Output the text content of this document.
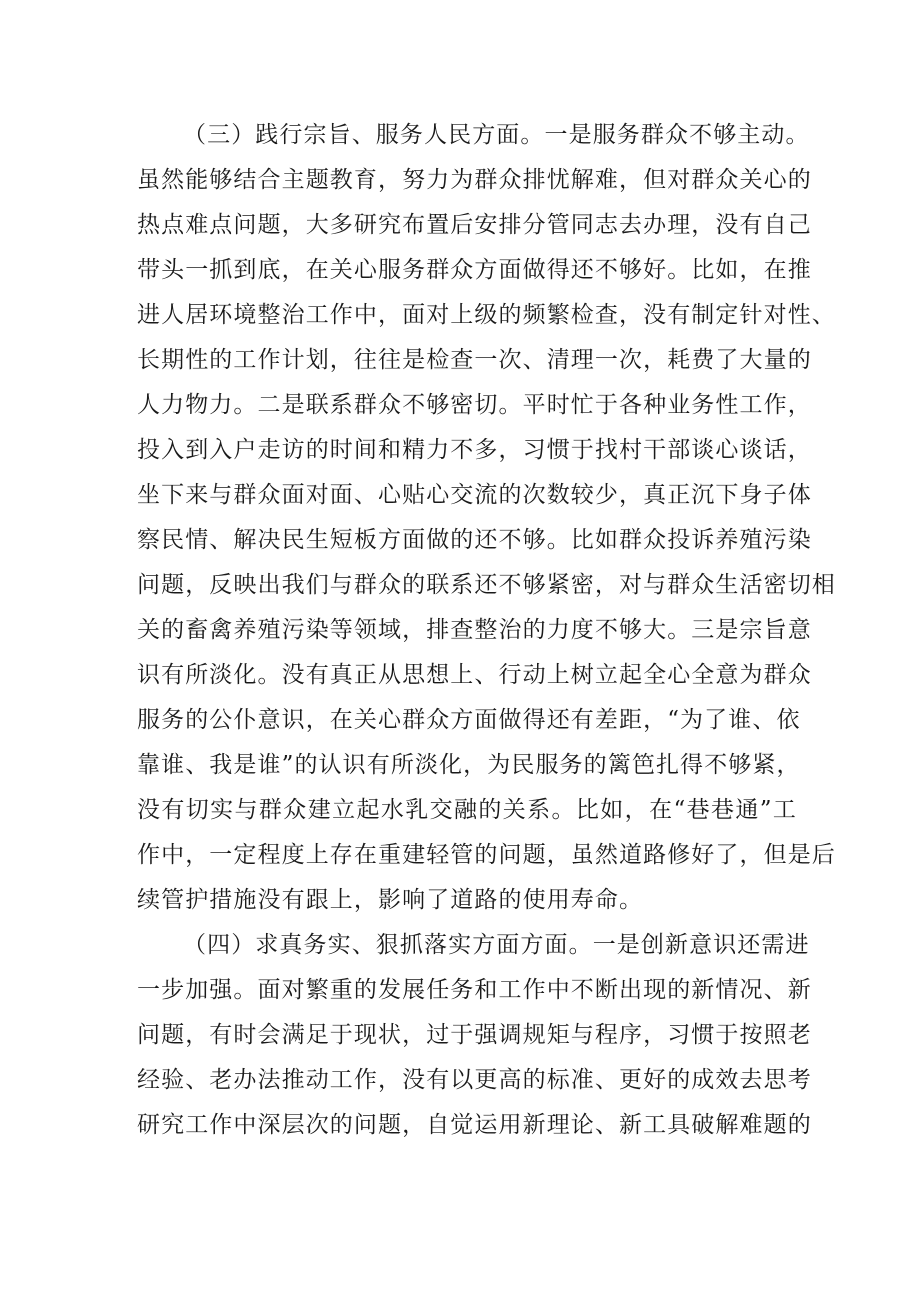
（三）践行宗旨、服务人民方面。一是服务群众不够主动。
虽然能够结合主题教育，努力为群众排忧解难，但对群众关心的
热点难点问题，大多研究布置后安排分管同志去办理，没有自己
带头一抓到底，在关心服务群众方面做得还不够好。比如，在推
进人居环境整治工作中，面对上级的频繁检查，没有制定针对性、
长期性的工作计划，往往是检查一次、清理一次，耗费了大量的
人力物力。二是联系群众不够密切。平时忙于各种业务性工作，
投入到入户走访的时间和精力不多，习惯于找村干部谈心谈话，
坐下来与群众面对面、心贴心交流的次数较少，真正沉下身子体
察民情、解决民生短板方面做的还不够。比如群众投诉养殖污染
问题，反映出我们与群众的联系还不够紧密，对与群众生活密切相
关的畜禽养殖污染等领域，排查整治的力度不够大。三是宗旨意
识有所淡化。没有真正从思想上、行动上树立起全心全意为群众
服务的公仆意识，在关心群众方面做得还有差距，“为了谁、依
靠谁、我是谁”的认识有所淡化，为民服务的篱笆扎得不够紧，
没有切实与群众建立起水乳交融的关系。比如，在“巷巷通”工
作中，一定程度上存在重建轻管的问题，虽然道路修好了，但是后
续管护措施没有跟上，影响了道路的使用寿命。
（四）求真务实、狠抓落实方面方面。一是创新意识还需进
一步加强。面对繁重的发展任务和工作中不断出现的新情况、新
问题，有时会满足于现状，过于强调规矩与程序，习惯于按照老
经验、老办法推动工作，没有以更高的标准、更好的成效去思考
研究工作中深层次的问题，自觉运用新理论、新工具破解难题的
